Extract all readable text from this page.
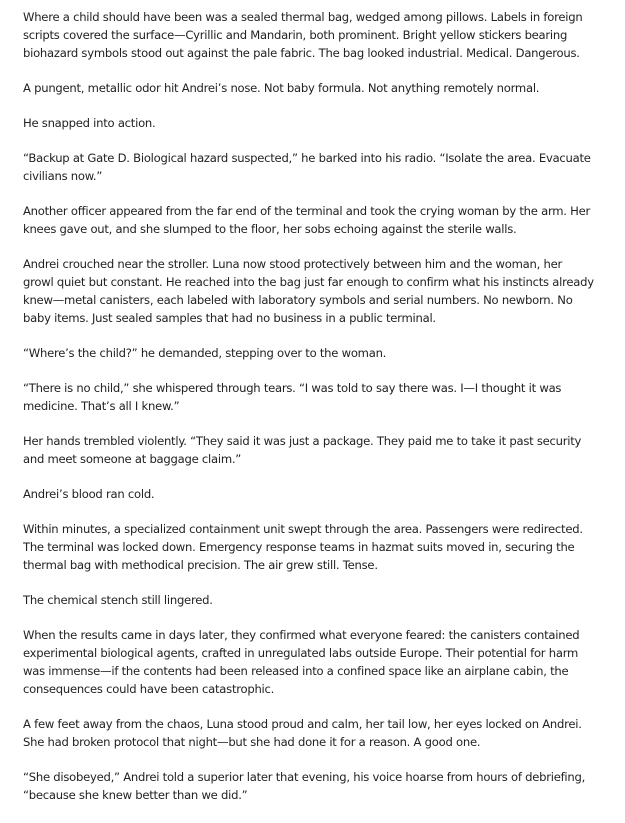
Where a child should have been was a sealed thermal bag, wedged among pillows. Labels in foreign scripts covered the surface—Cyrillic and Mandarin, both prominent. Bright yellow stickers bearing biohazard symbols stood out against the pale fabric. The bag looked industrial. Medical. Dangerous.

A pungent, metallic odor hit Andrei’s nose. Not baby formula. Not anything remotely normal.

He snapped into action.

“Backup at Gate D. Biological hazard suspected,” he barked into his radio. “Isolate the area. Evacuate civilians now.”

Another officer appeared from the far end of the terminal and took the crying woman by the arm. Her knees gave out, and she slumped to the floor, her sobs echoing against the sterile walls.

Andrei crouched near the stroller. Luna now stood protectively between him and the woman, her growl quiet but constant. He reached into the bag just far enough to confirm what his instincts already knew—metal canisters, each labeled with laboratory symbols and serial numbers. No newborn. No baby items. Just sealed samples that had no business in a public terminal.

“Where’s the child?” he demanded, stepping over to the woman.

“There is no child,” she whispered through tears. “I was told to say there was. I—I thought it was medicine. That’s all I knew.”

Her hands trembled violently. “They said it was just a package. They paid me to take it past security and meet someone at baggage claim.”

Andrei’s blood ran cold.

Within minutes, a specialized containment unit swept through the area. Passengers were redirected. The terminal was locked down. Emergency response teams in hazmat suits moved in, securing the thermal bag with methodical precision. The air grew still. Tense.

The chemical stench still lingered.

When the results came in days later, they confirmed what everyone feared: the canisters contained experimental biological agents, crafted in unregulated labs outside Europe. Their potential for harm was immense—if the contents had been released into a confined space like an airplane cabin, the consequences could have been catastrophic.

A few feet away from the chaos, Luna stood proud and calm, her tail low, her eyes locked on Andrei. She had broken protocol that night—but she had done it for a reason. A good one.

“She disobeyed,” Andrei told a superior later that evening, his voice hoarse from hours of debriefing, “because she knew better than we did.”
